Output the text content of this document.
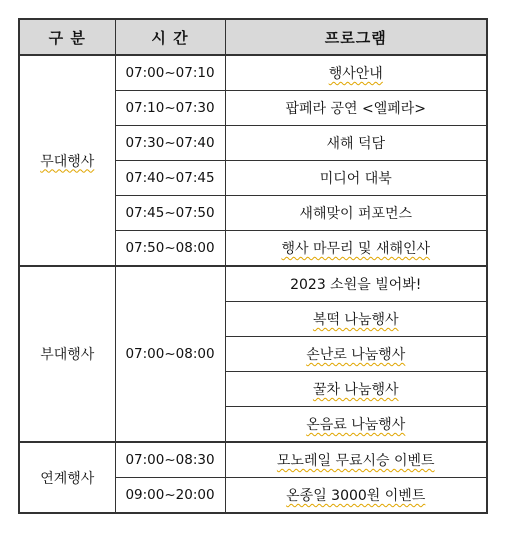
구 분	시 간	프로그램
무대행사	07:00~07:10	행사안내
	07:10~07:30	팝페라 공연 <엘페라>
	07:30~07:40	새해 덕담
	07:40~07:45	미디어 대북
	07:45~07:50	새해맞이 퍼포먼스
	07:50~08:00	행사 마무리 및 새해인사
부대행사	07:00~08:00	2023 소원을 빌어봐!
		복떡 나눔행사
		손난로 나눔행사
		꿀차 나눔행사
		온음료 나눔행사
연계행사	07:00~08:30	모노레일 무료시승 이벤트
	09:00~20:00	온종일 3000원 이벤트
